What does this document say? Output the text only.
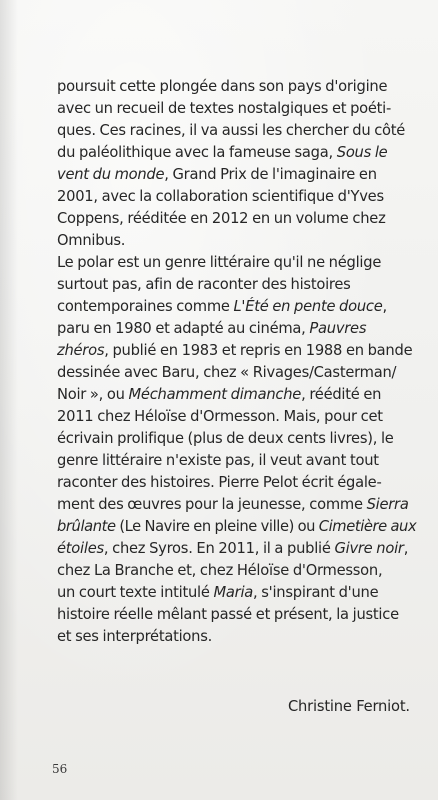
poursuit cette plongée dans son pays d'origine
avec un recueil de textes nostalgiques et poéti-
ques. Ces racines, il va aussi les chercher du côté
du paléolithique avec la fameuse saga, Sous le
vent du monde, Grand Prix de l'imaginaire en
2001, avec la collaboration scientifique d'Yves
Coppens, rééditée en 2012 en un volume chez
Omnibus.
Le polar est un genre littéraire qu'il ne néglige
surtout pas, afin de raconter des histoires
contemporaines comme L'Été en pente douce,
paru en 1980 et adapté au cinéma, Pauvres
zhéros, publié en 1983 et repris en 1988 en bande
dessinée avec Baru, chez « Rivages/Casterman/
Noir », ou Méchamment dimanche, réédité en
2011 chez Héloïse d'Ormesson. Mais, pour cet
écrivain prolifique (plus de deux cents livres), le
genre littéraire n'existe pas, il veut avant tout
raconter des histoires. Pierre Pelot écrit égale-
ment des œuvres pour la jeunesse, comme Sierra
brûlante (Le Navire en pleine ville) ou Cimetière aux
étoiles, chez Syros. En 2011, il a publié Givre noir,
chez La Branche et, chez Héloïse d'Ormesson,
un court texte intitulé Maria, s'inspirant d'une
histoire réelle mêlant passé et présent, la justice
et ses interprétations.
Christine Ferniot.
56
